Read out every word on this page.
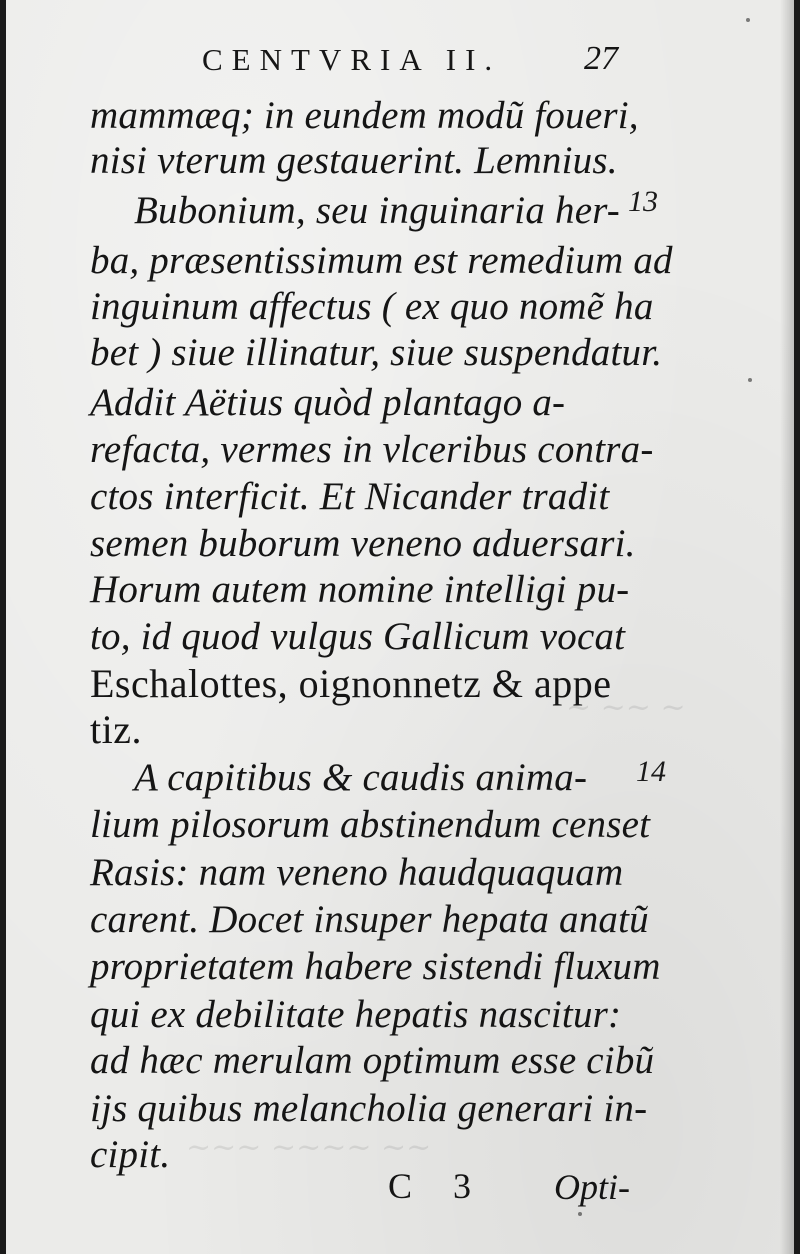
~ ~~ ~
~~~ ~~~~ ~~
CENTVRIA II. 27
mammæq; in eundem modũ foueri,
nisi vterum gestauerint. Lemnius.
Bubonium, seu inguinaria her-
ba, præsentissimum est remedium ad
inguinum affectus ( ex quo nomẽ ha
bet ) siue illinatur, siue suspendatur.
Addit Aëtius quòd plantago a-
refacta, vermes in vlceribus contra-
ctos interficit. Et Nicander tradit
semen buborum veneno aduersari.
Horum autem nomine intelligi pu-
to, id quod vulgus Gallicum vocat
Eschalottes, oignonnetz & appe
tiz.
A capitibus & caudis anima-
lium pilosorum abstinendum censet
Rasis: nam veneno haudquaquam
carent. Docet insuper hepata anatũ
proprietatem habere sistendi fluxum
qui ex debilitate hepatis nascitur:
ad hæc merulam optimum esse cibũ
ijs quibus melancholia generari in-
cipit.
13
14
C 3 Opti-
